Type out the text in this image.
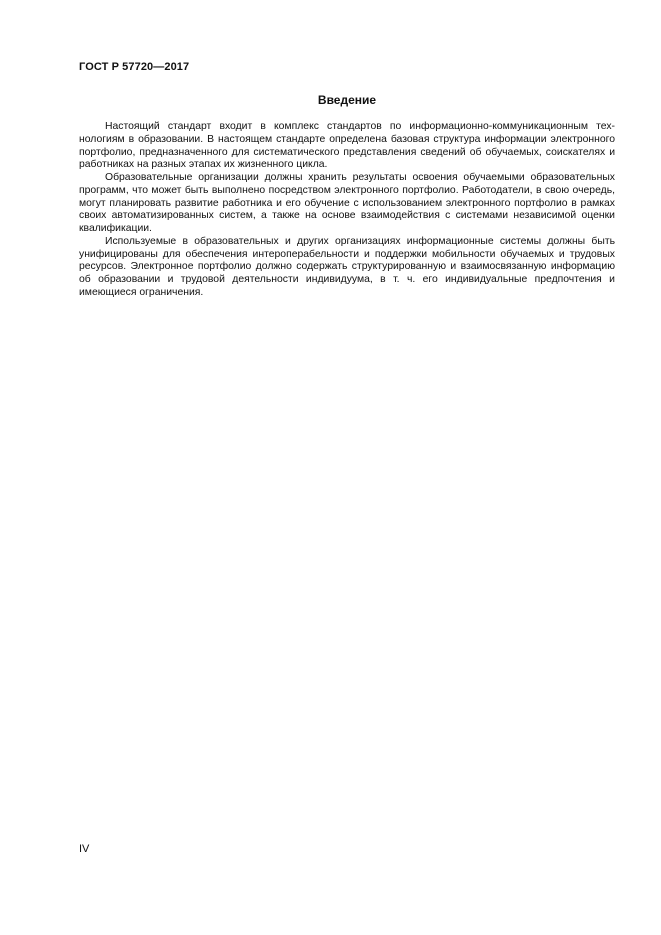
ГОСТ Р 57720—2017
Введение

Настоящий стандарт входит в комплекс стандартов по информационно-коммуникационным технологиям в образовании. В настоящем стандарте определена базовая структура информации электронного портфолио, предназначенного для систематического представления сведений об обучаемых, соискателях и работниках на разных этапах их жизненного цикла.

Образовательные организации должны хранить результаты освоения обучаемыми образовательных программ, что может быть выполнено посредством электронного портфолио. Работодатели, в свою очередь, могут планировать развитие работника и его обучение с использованием электронного портфолио в рамках своих автоматизированных систем, а также на основе взаимодействия с системами независимой оценки квалификации.

Используемые в образовательных и других организациях информационные системы должны быть унифицированы для обеспечения интероперабельности и поддержки мобильности обучаемых и трудовых ресурсов. Электронное портфолио должно содержать структурированную и взаимосвязанную информацию об образовании и трудовой деятельности индивидуума, в т. ч. его индивидуальные предпочтения и имеющиеся ограничения.

IV
